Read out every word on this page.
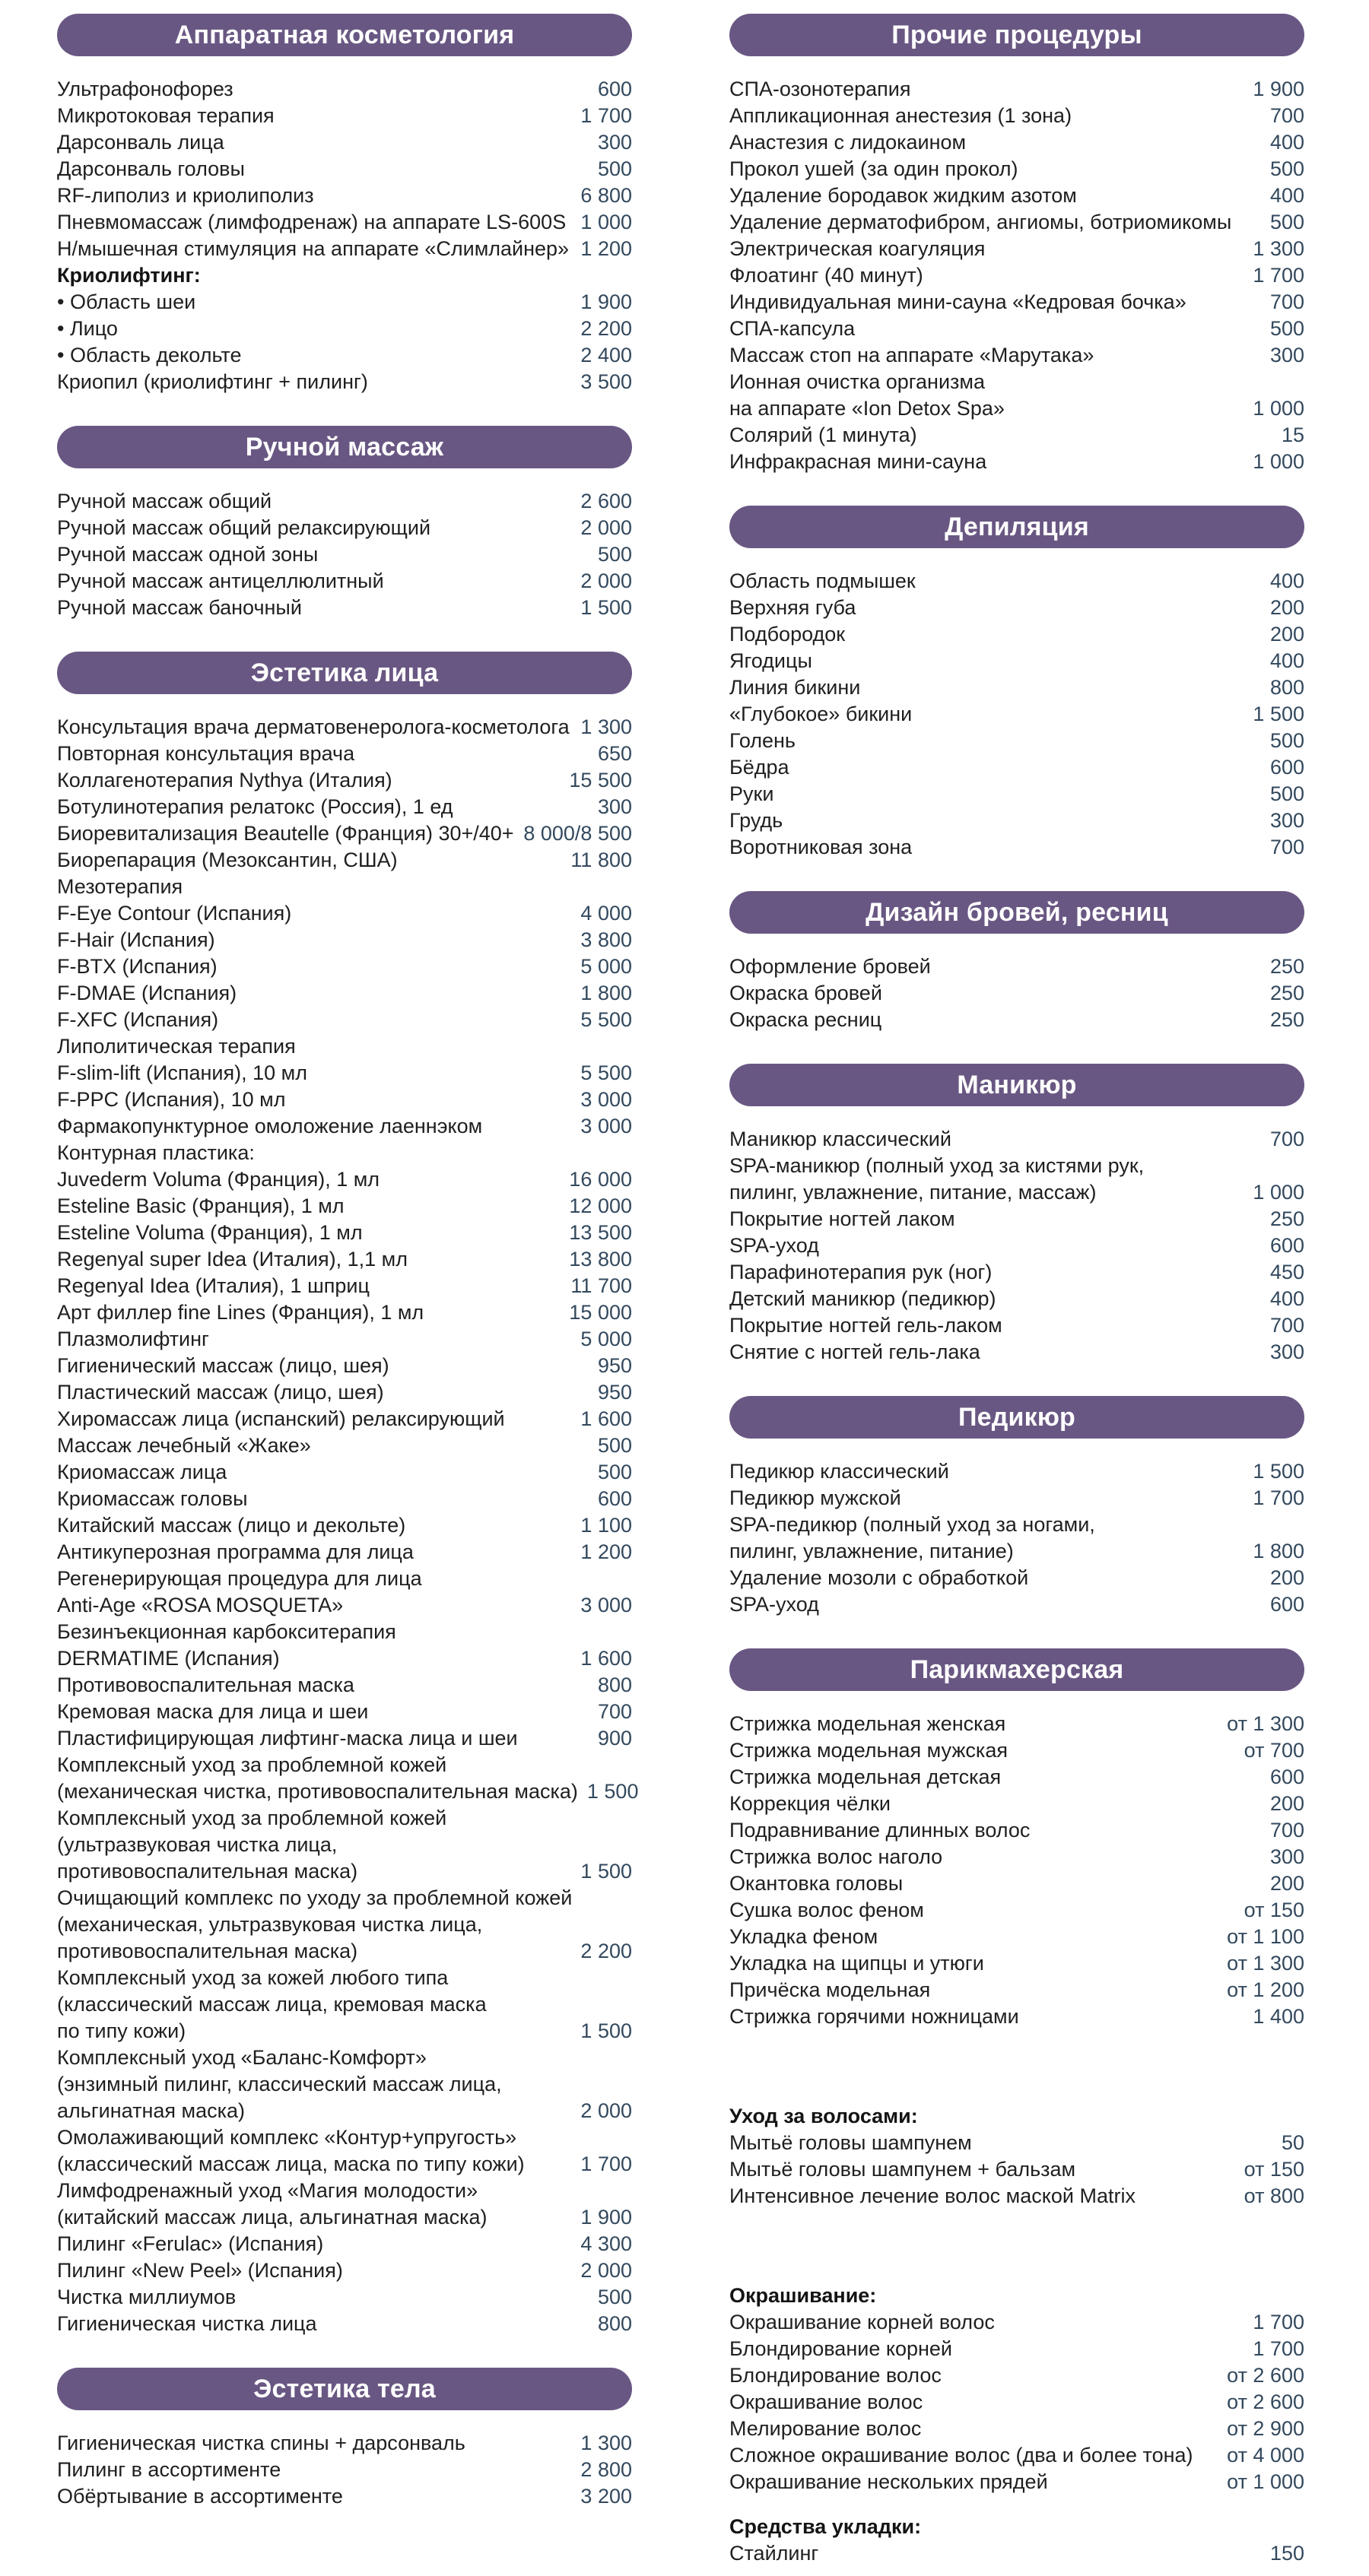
Аппаратная косметология
Ультрафонофорез	600
Микротоковая терапия	1 700
Дарсонваль лица	300
Дарсонваль головы	500
RF-липолиз и криолиполиз	6 800
Пневмомассаж (лимфодренаж) на аппарате LS-600S 1 000
Н/мышечная стимуляция на аппарате «Слимлайнер» 1 200
Криолифтинг:
• Область шеи	1 900
• Лицо	2 200
• Область декольте	2 400
Криопил (криолифтинг + пилинг)	3 500
Ручной массаж
Ручной массаж общий	2 600
Ручной массаж общий релаксирующий	2 000
Ручной массаж одной зоны	500
Ручной массаж антицеллюлитный	2 000
Ручной массаж баночный	1 500
Эстетика лица
Консультация врача дерматовенеролога-косметолога 1 300
Повторная консультация врача	650
Коллагенотерапия Nythya (Италия)	15 500
Ботулинотерапия релатокс (Россия), 1 ед	300
Биоревитализация Beautelle (Франция) 30+/40+ 8 000/8 500
Биорепарация (Мезоксантин, США)	11 800
Мезотерапия
F-Eye Contour (Испания)	4 000
F-Hair (Испания)	3 800
F-BTX (Испания)	5 000
F-DMAE (Испания)	1 800
F-XFC (Испания)	5 500
Липолитическая терапия
F-slim-lift (Испания), 10 мл	5 500
F-PPC (Испания), 10 мл	3 000
Фармакопунктурное омоложение лаеннэком	3 000
Контурная пластика:
Juvederm Voluma (Франция), 1 мл	16 000
Esteline Basic (Франция), 1 мл	12 000
Esteline Voluma (Франция), 1 мл	13 500
Regenyal super Idea (Италия), 1,1 мл	13 800
Regenyal Idea (Италия), 1 шприц	11 700
Арт филлер fine Lines (Франция), 1 мл	15 000
Плазмолифтинг	5 000
Гигиенический массаж (лицо, шея)	950
Пластический массаж (лицо, шея)	950
Хиромассаж лица (испанский) релаксирующий	1 600
Массаж лечебный «Жаке»	500
Криомассаж лица	500
Криомассаж головы	600
Китайский массаж (лицо и декольте)	1 100
Антикуперозная программа для лица	1 200
Регенерирующая процедура для лица
Anti-Age «ROSA MOSQUETA»	3 000
Безинъекционная карбокситерапия
DERMATIME (Испания)	1 600
Противовоспалительная маска	800
Кремовая маска для лица и шеи	700
Пластифицирующая лифтинг-маска лица и шеи	900
Комплексный уход за проблемной кожей
(механическая чистка, противовоспалительная маска) 1 500
Комплексный уход за проблемной кожей
(ультразвуковая чистка лица,
противовоспалительная маска)	1 500
Очищающий комплекс по уходу за проблемной кожей
(механическая, ультразвуковая чистка лица,
противовоспалительная маска)	2 200
Комплексный уход за кожей любого типа
(классический массаж лица, кремовая маска
по типу кожи)	1 500
Комплексный уход «Баланс-Комфорт»
(энзимный пилинг, классический массаж лица,
альгинатная маска)	2 000
Омолаживающий комплекс «Контур+упругость»
(классический массаж лица, маска по типу кожи)	1 700
Лимфодренажный уход «Магия молодости»
(китайский массаж лица, альгинатная маска)	1 900
Пилинг «Ferulac» (Испания)	4 300
Пилинг «New Peel» (Испания)	2 000
Чистка миллиумов	500
Гигиеническая чистка лица	800
Эстетика тела
Гигиеническая чистка спины + дарсонваль	1 300
Пилинг в ассортименте	2 800
Обёртывание в ассортименте	3 200
Прочие процедуры
СПА-озонотерапия	1 900
Аппликационная анестезия (1 зона)	700
Анастезия с лидокаином	400
Прокол ушей (за один прокол)	500
Удаление бородавок жидким азотом	400
Удаление дерматофибром, ангиомы, ботриомикомы 500
Электрическая коагуляция	1 300
Флоатинг (40 минут)	1 700
Индивидуальная мини-сауна «Кедровая бочка»	700
СПА-капсула	500
Массаж стоп на аппарате «Марутака»	300
Ионная очистка организма
на аппарате «Ion Detox Spa»	1 000
Солярий (1 минута)	15
Инфракрасная мини-сауна	1 000
Депиляция
Область подмышек	400
Верхняя губа	200
Подбородок	200
Ягодицы	400
Линия бикини	800
«Глубокое» бикини	1 500
Голень	500
Бёдра	600
Руки	500
Грудь	300
Воротниковая зона	700
Дизайн бровей, ресниц
Оформление бровей	250
Окраска бровей	250
Окраска ресниц	250
Маникюр
Маникюр классический	700
SPA-маникюр (полный уход за кистями рук,
пилинг, увлажнение, питание, массаж)	1 000
Покрытие ногтей лаком	250
SPA-уход	600
Парафинотерапия рук (ног)	450
Детский маникюр (педикюр)	400
Покрытие ногтей гель-лаком	700
Снятие с ногтей гель-лака	300
Педикюр
Педикюр классический	1 500
Педикюр мужской	1 700
SPA-педикюр (полный уход за ногами,
пилинг, увлажнение, питание)	1 800
Удаление мозоли с обработкой	200
SPA-уход	600
Парикмахерская
Стрижка модельная женская	от 1 300
Стрижка модельная мужская	от 700
Стрижка модельная детская	600
Коррекция чёлки	200
Подравнивание длинных волос	700
Стрижка волос наголо	300
Окантовка головы	200
Сушка волос феном	от 150
Укладка феном	от 1 100
Укладка на щипцы и утюги	от 1 300
Причёска модельная	от 1 200
Стрижка горячими ножницами	1 400
Уход за волосами:
Мытьё головы шампунем	50
Мытьё головы шампунем + бальзам	от 150
Интенсивное лечение волос маской Matrix	от 800
Окрашивание:
Окрашивание корней волос	1 700
Блондирование корней	1 700
Блондирование волос	от 2 600
Окрашивание волос	от 2 600
Мелирование волос	от 2 900
Сложное окрашивание волос (два и более тона) от 4 000
Окрашивание нескольких прядей	от 1 000
Средства укладки:
Стайлинг	150
